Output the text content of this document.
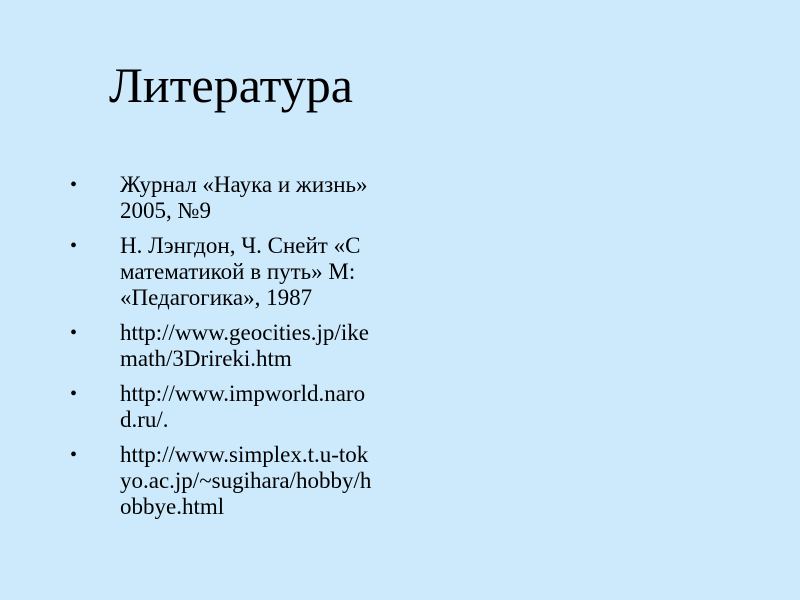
Литература
• Журнал «Наука и жизнь»
2005, №9
• Н. Лэнгдон, Ч. Снейт «С
математикой в путь» М:
«Педагогика», 1987
• http://www.geocities.jp/ike
math/3Drireki.htm
• http://www.impworld.narо
d.ru/.
• http://www.simplex.t.u-tok
yo.ac.jp/~sugihara/hobby/h
obbye.html
